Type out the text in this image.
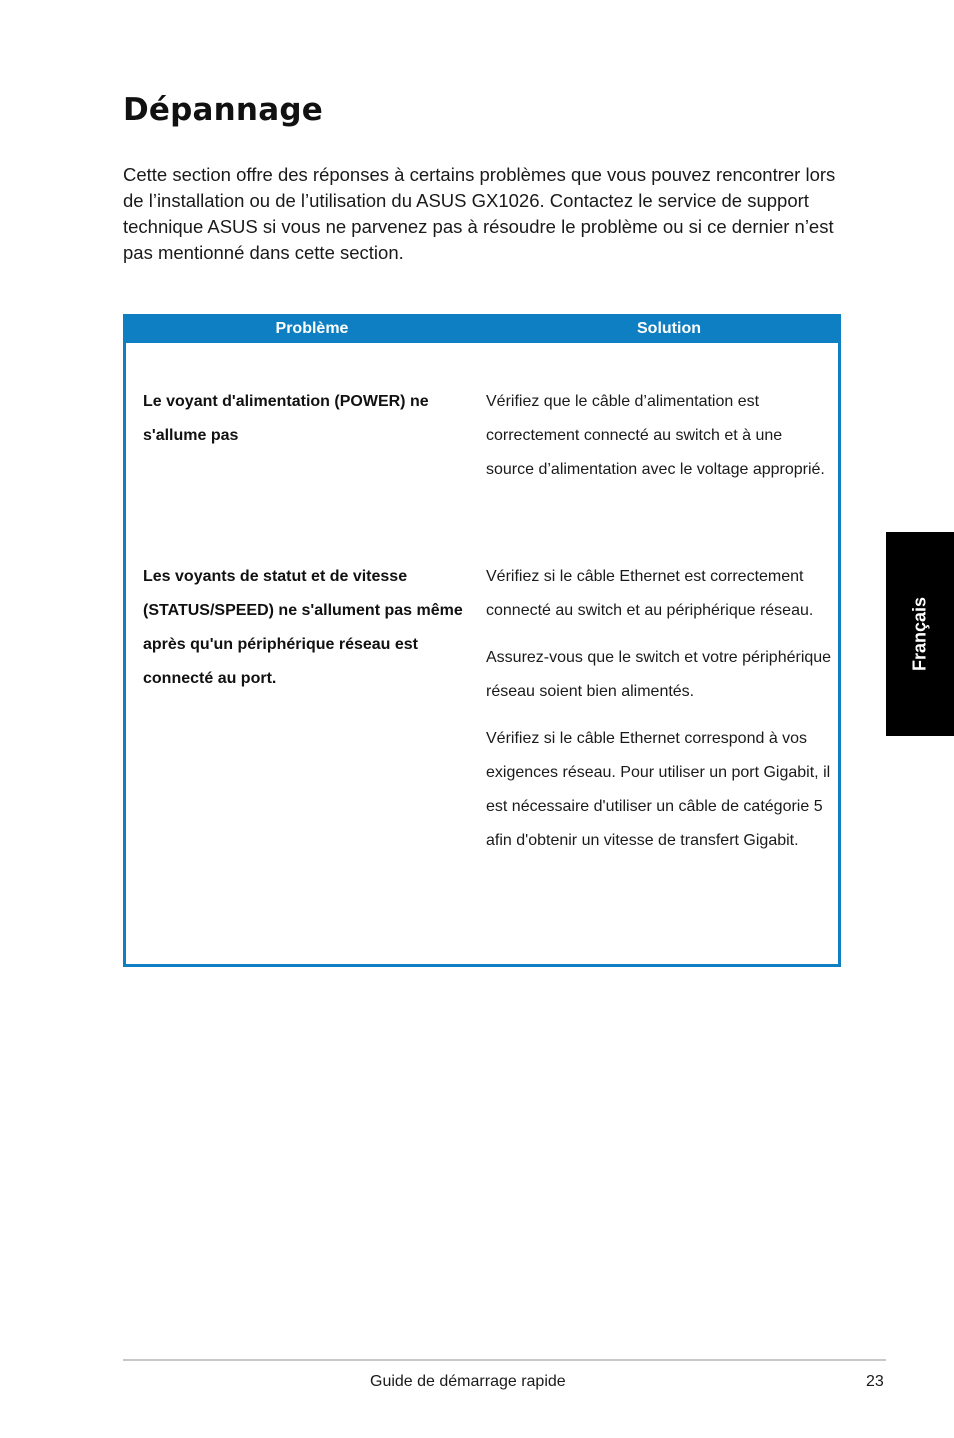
Dépannage

Cette section offre des réponses à certains problèmes que vous pouvez rencontrer lors de l’installation ou de l’utilisation du ASUS GX1026. Contactez le service de support technique ASUS si vous ne parvenez pas à résoudre le problème ou si ce dernier n’est pas mentionné dans cette section.

Problème	Solution
Le voyant d'alimentation (POWER) ne s'allume pas

Vérifiez que le câble d’alimentation est correctement connecté au switch et à une source d’alimentation avec le voltage approprié.

Les voyants de statut et de vitesse (STATUS/SPEED) ne s'allument pas même après qu'un périphérique réseau est connecté au port.

Vérifiez si le câble Ethernet est correctement connecté au switch et au périphérique réseau.

Assurez-vous que le switch et votre périphérique réseau soient bien alimentés.

Vérifiez si le câble Ethernet correspond à vos exigences réseau. Pour utiliser un port Gigabit, il est nécessaire d'utiliser un câble de catégorie 5 afin d'obtenir un vitesse de transfert Gigabit.

Français
Guide de démarrage rapide	23
